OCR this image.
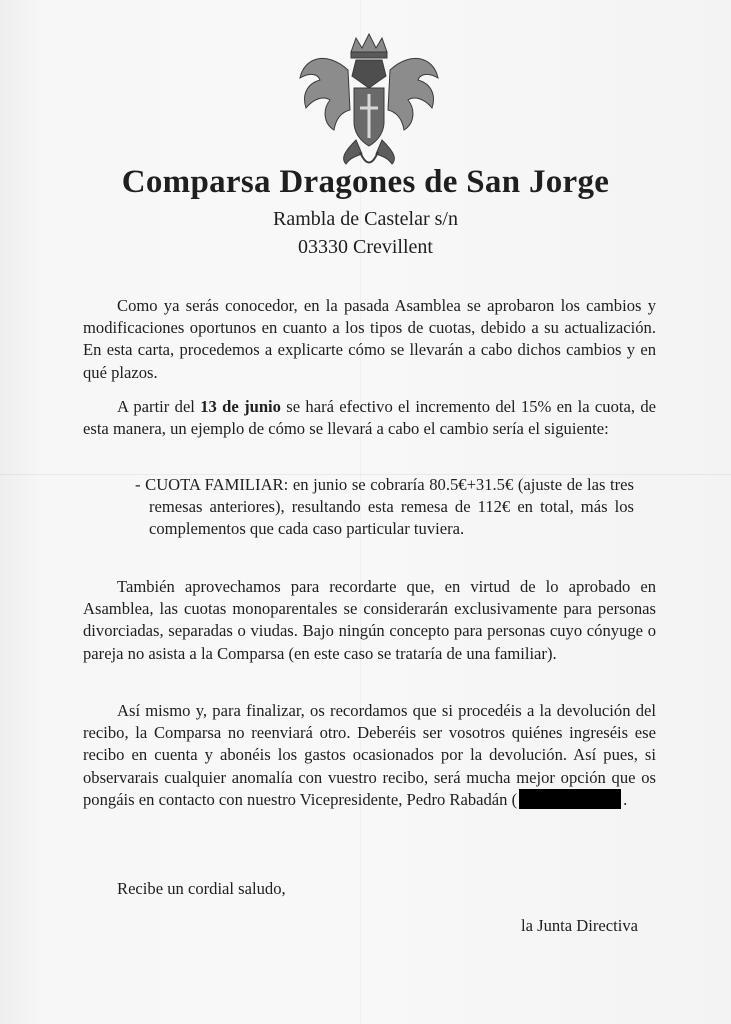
Comparsa Dragones de San Jorge
Rambla de Castelar s/n
03330 Crevillent
Como ya serás conocedor, en la pasada Asamblea se aprobaron los cambios y modificaciones oportunos en cuanto a los tipos de cuotas, debido a su actualización. En esta carta, procedemos a explicarte cómo se llevarán a cabo dichos cambios y en qué plazos.
A partir del 13 de junio se hará efectivo el incremento del 15% en la cuota, de esta manera, un ejemplo de cómo se llevará a cabo el cambio sería el siguiente:
- CUOTA FAMILIAR: en junio se cobraría 80.5€+31.5€ (ajuste de las tres remesas anteriores), resultando esta remesa de 112€ en total, más los complementos que cada caso particular tuviera.
También aprovechamos para recordarte que, en virtud de lo aprobado en Asamblea, las cuotas monoparentales se considerarán exclusivamente para personas divorciadas, separadas o viudas. Bajo ningún concepto para personas cuyo cónyuge o pareja no asista a la Comparsa (en este caso se trataría de una familiar).
Así mismo y, para finalizar, os recordamos que si procedéis a la devolución del recibo, la Comparsa no reenviará otro. Deberéis ser vosotros quiénes ingreséis ese recibo en cuenta y abonéis los gastos ocasionados por la devolución. Así pues, si observarais cualquier anomalía con vuestro recibo, será mucha mejor opción que os pongáis en contacto con nuestro Vicepresidente, Pedro Rabadán (	.
Recibe un cordial saludo,
la Junta Directiva
